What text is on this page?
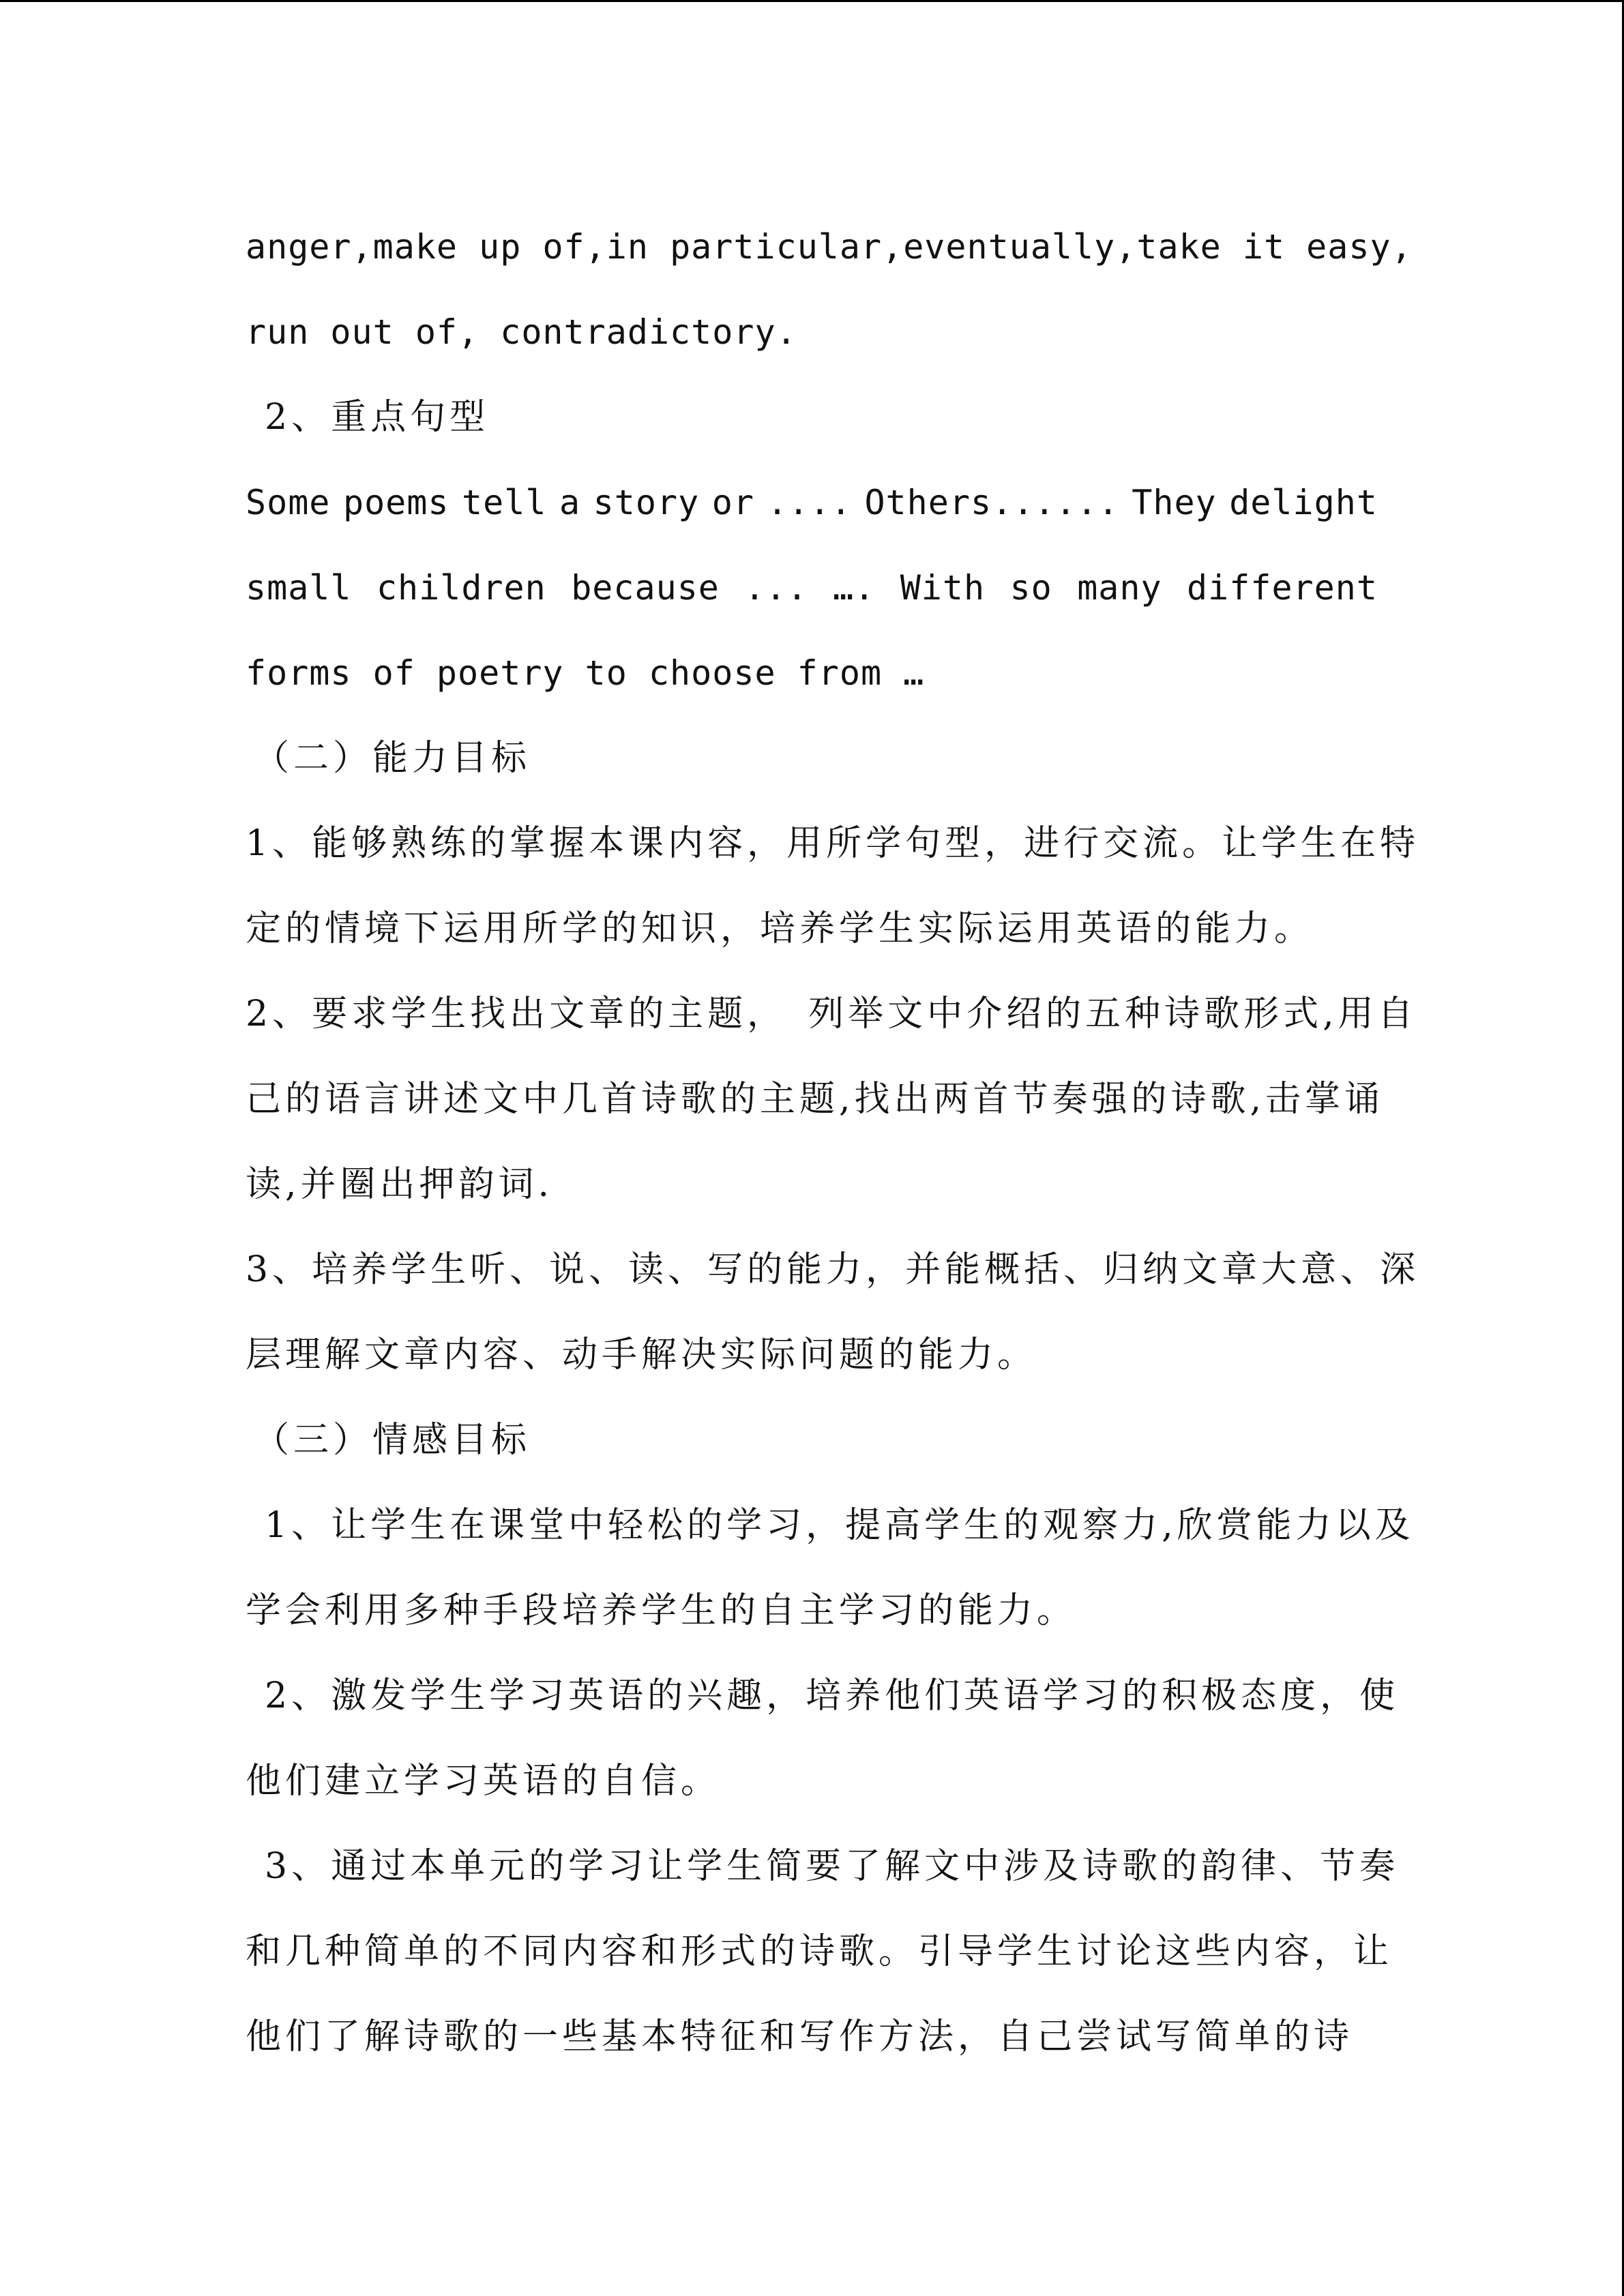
anger, make up of, in particular, eventually, take it easy,
run out of, contradictory.
2、重点句型
Some poems tell a story or .... Others...... They delight
small children because ... …. With so many different
forms of poetry to choose from …
（二）能力目标
1、能够熟练的掌握本课内容，用所学句型，进行交流。让学生在特
定的情境下运用所学的知识，培养学生实际运用英语的能力。
2、要求学生找出文章的主题，　列举文中介绍的五种诗歌形式,用自
己的语言讲述文中几首诗歌的主题,找出两首节奏强的诗歌,击掌诵
读,并圈出押韵词.
3、培养学生听、说、读、写的能力，并能概括、归纳文章大意、深
层理解文章内容、动手解决实际问题的能力。
（三）情感目标
1、让学生在课堂中轻松的学习，提高学生的观察力,欣赏能力以及
学会利用多种手段培养学生的自主学习的能力。
2、激发学生学习英语的兴趣，培养他们英语学习的积极态度，使
他们建立学习英语的自信。
3、通过本单元的学习让学生简要了解文中涉及诗歌的韵律、节奏
和几种简单的不同内容和形式的诗歌。引导学生讨论这些内容，让
他们了解诗歌的一些基本特征和写作方法，自己尝试写简单的诗
